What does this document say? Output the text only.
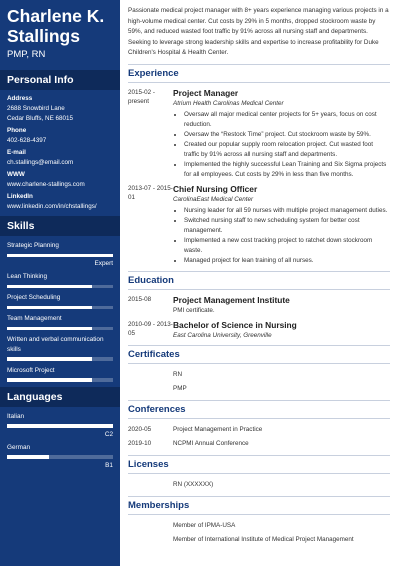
Charlene K.
Stallings
PMP, RN
Personal Info
Address
2688 Snowbird Lane
Cedar Bluffs, NE 68015
Phone
402-628-4397
E-mail
ch.stallings@email.com
WWW
www.charlene-stallings.com
LinkedIn
www.linkedin.com/in/chstallings/
Skills
Strategic Planning
Expert
Lean Thinking
Project Scheduling
Team Management
Written and verbal communication skills
Microsoft Project
Languages
Italian
C2
German
B1
Passionate medical project manager with 8+ years experience managing various projects in a high-volume medical center. Cut costs by 29% in 5 months, dropped stockroom waste by 59%, and reduced wasted foot traffic by 91% across all nursing staff and departments. Seeking to leverage strong leadership skills and expertise to increase profitability for Duke Children's Hospital & Health Center.
Experience
2015-02 - present
Project Manager
Atrium Health Carolinas Medical Center
• Oversaw all major medical center projects for 5+ years, focus on cost reduction.
• Oversaw the “Restock Time” project. Cut stockroom waste by 59%.
• Created our popular supply room relocation project. Cut wasted foot traffic by 91% across all nursing staff and departments.
• Implemented the highly successful Lean Training and Six Sigma projects for all employees. Cut costs by 29% in less than five months.
2013-07 - 2015-01
Chief Nursing Officer
CarolinaEast Medical Center
• Nursing leader for all 59 nurses with multiple project management duties.
• Switched nursing staff to new scheduling system for better cost management.
• Implemented a new cost tracking project to ratchet down stockroom waste.
• Managed project for lean training of all nurses.
Education
2015-08	Project Management Institute
PMI certificate.
2010-09 - 2013-05
Bachelor of Science in Nursing
East Carolina University, Greenville
Certificates
RN
PMP
Conferences
2020-05	Project Management in Practice
2019-10	NCPMI Annual Conference
Licenses
RN (XXXXXX)
Memberships
Member of IPMA-USA
Member of International Institute of Medical Project Management
